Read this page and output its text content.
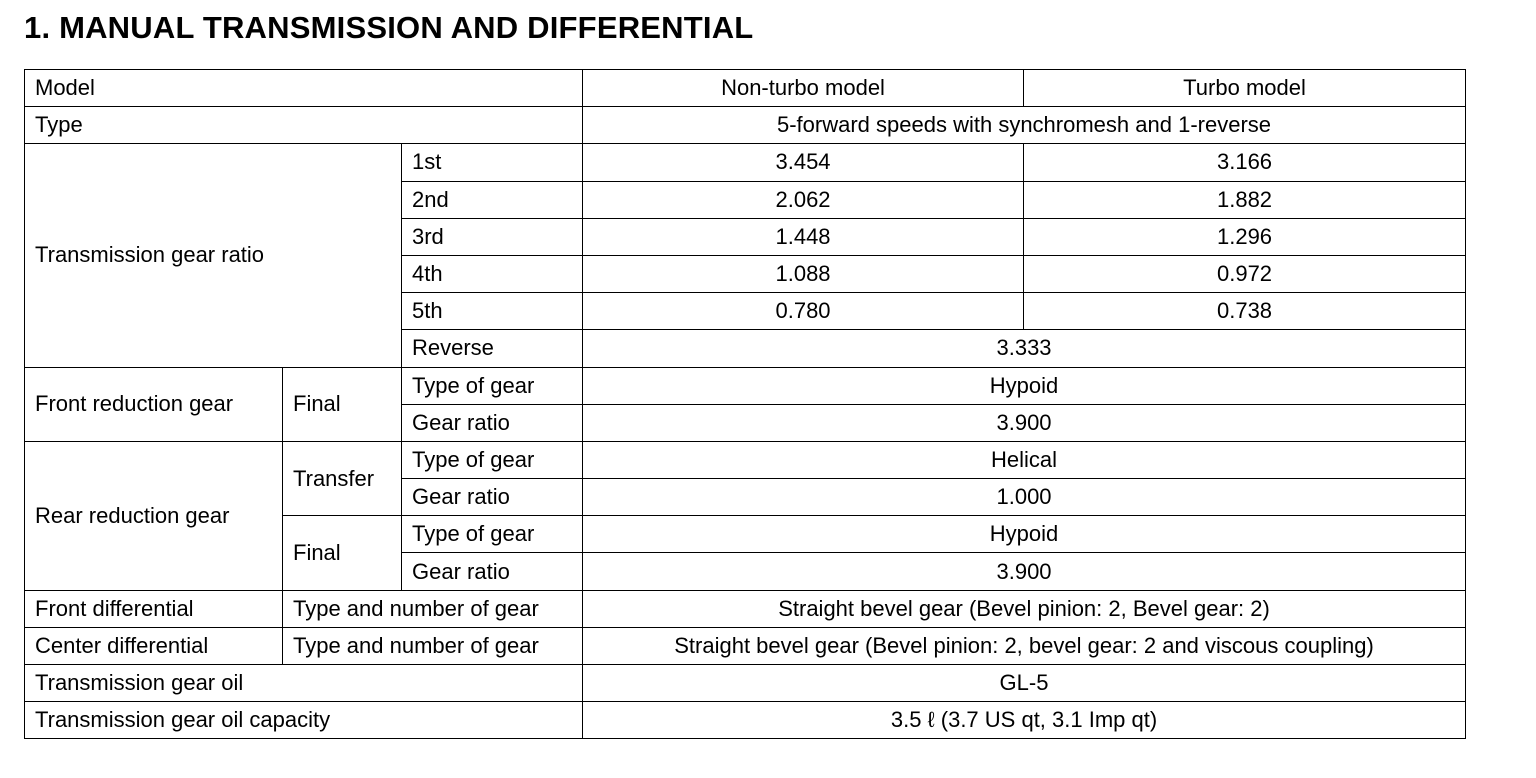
1. MANUAL TRANSMISSION AND DIFFERENTIAL
Model			Non-turbo model	Turbo model
Type			5-forward speeds with synchromesh and 1-reverse	
Transmission gear ratio		1st	3.454	3.166
		2nd	2.062	1.882
		3rd	1.448	1.296
		4th	1.088	0.972
		5th	0.780	0.738
		Reverse	3.333	
Front reduction gear	Final	Type of gear	Hypoid	
		Gear ratio	3.900	
Rear reduction gear	Transfer	Type of gear	Helical	
		Gear ratio	1.000	
	Final	Type of gear	Hypoid	
		Gear ratio	3.900	
Front differential	Type and number of gear		Straight bevel gear (Bevel pinion: 2, Bevel gear: 2)	
Center differential	Type and number of gear		Straight bevel gear (Bevel pinion: 2, bevel gear: 2 and viscous coupling)	
Transmission gear oil			GL-5	
Transmission gear oil capacity			3.5 ℓ (3.7 US qt, 3.1 Imp qt)	
